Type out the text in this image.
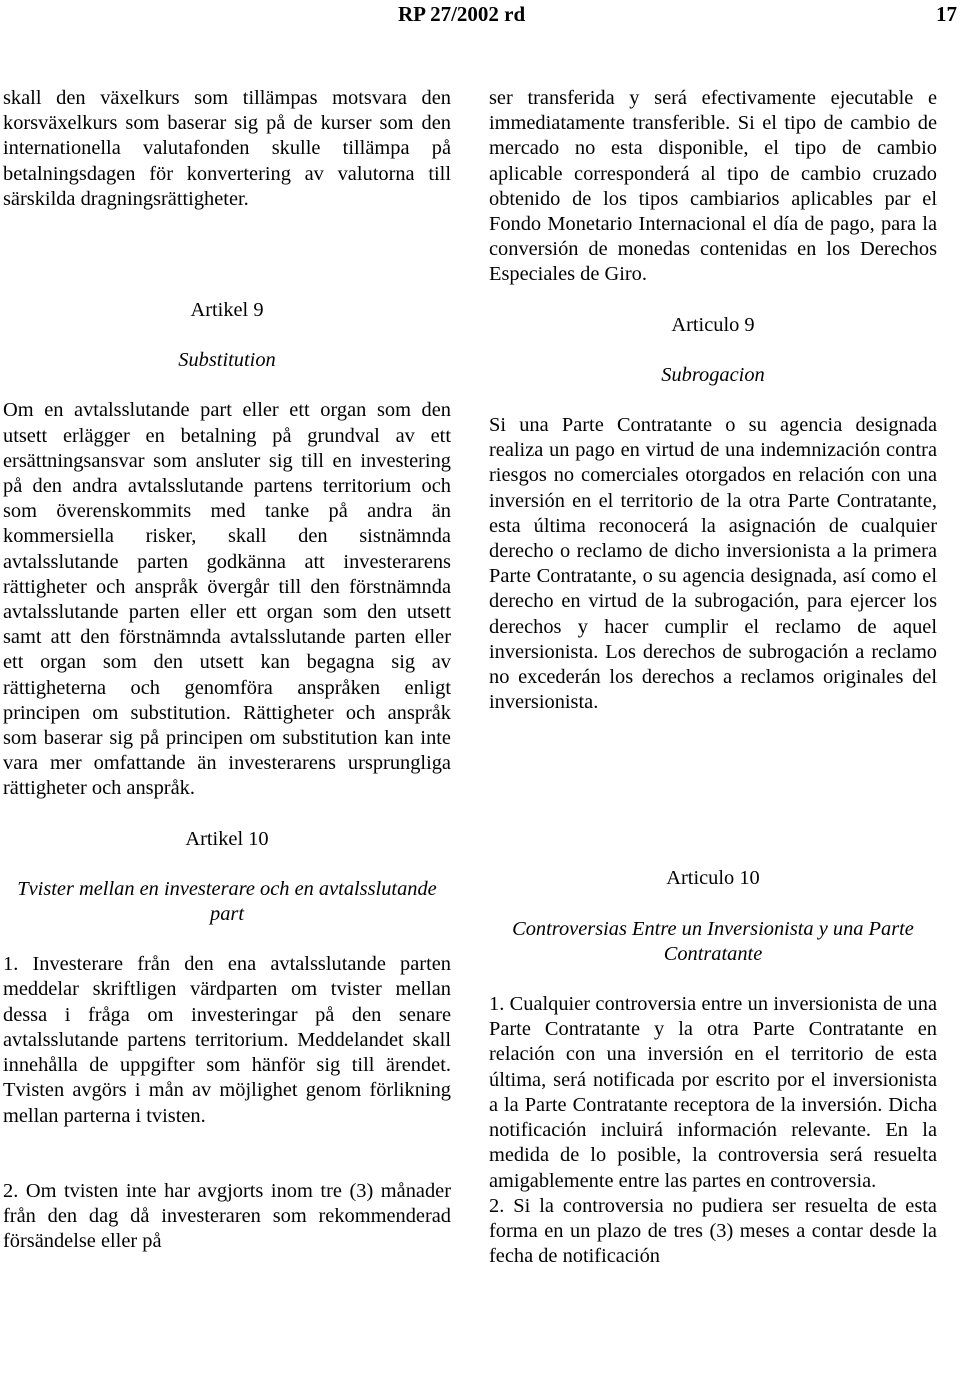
RP 27/2002 rd	17

skall den växelkurs som tillämpas motsvara den korsväxelkurs som baserar sig på de kurser som den internationella valutafonden skulle tillämpa på betalningsdagen för konvertering av valutorna till särskilda dragningsrättigheter.

Artikel 9

Substitution

Om en avtalsslutande part eller ett organ som den utsett erlägger en betalning på grundval av ett ersättningsansvar som ansluter sig till en investering på den andra avtalsslutande partens territorium och som överenskommits med tanke på andra än kommersiella risker, skall den sistnämnda avtalsslutande parten godkänna att investerarens rättigheter och anspråk övergår till den förstnämnda avtalsslutande parten eller ett organ som den utsett samt att den förstnämnda avtalsslutande parten eller ett organ som den utsett kan begagna sig av rättigheterna och genomföra anspråken enligt principen om substitution. Rättigheter och anspråk som baserar sig på principen om substitution kan inte vara mer omfattande än investerarens ursprungliga rättigheter och anspråk.

Artikel 10

Tvister mellan en investerare och en avtalsslutande part

1. Investerare från den ena avtalsslutande parten meddelar skriftligen värdparten om tvister mellan dessa i fråga om investeringar på den senare avtalsslutande partens territorium. Meddelandet skall innehålla de uppgifter som hänför sig till ärendet. Tvisten avgörs i mån av möjlighet genom förlikning mellan parterna i tvisten.

2. Om tvisten inte har avgjorts inom tre (3) månader från den dag då investeraren som rekommenderad försändelse eller på

ser transferida y será efectivamente ejecutable e immediatamente transferible. Si el tipo de cambio de mercado no esta disponible, el tipo de cambio aplicable corresponderá al tipo de cambio cruzado obtenido de los tipos cambiarios aplicables par el Fondo Monetario Internacional el día de pago, para la conversión de monedas contenidas en los Derechos Especiales de Giro.

Articulo 9

Subrogacion

Si una Parte Contratante o su agencia designada realiza un pago en virtud de una indemnización contra riesgos no comerciales otorgados en relación con una inversión en el territorio de la otra Parte Contratante, esta última reconocerá la asignación de cualquier derecho o reclamo de dicho inversionista a la primera Parte Contratante, o su agencia designada, así como el derecho en virtud de la subrogación, para ejercer los derechos y hacer cumplir el reclamo de aquel inversionista. Los derechos de subrogación a reclamo no excederán los derechos a reclamos originales del inversionista.

Articulo 10

Controversias Entre un Inversionista y una Parte Contratante

1. Cualquier controversia entre un inversionista de una Parte Contratante y la otra Parte Contratante en relación con una inversión en el territorio de esta última, será notificada por escrito por el inversionista a la Parte Contratante receptora de la inversión. Dicha notificación incluirá información relevante. En la medida de lo posible, la controversia será resuelta amigablemente entre las partes en controversia.

2. Si la controversia no pudiera ser resuelta de esta forma en un plazo de tres (3) meses a contar desde la fecha de notificación
